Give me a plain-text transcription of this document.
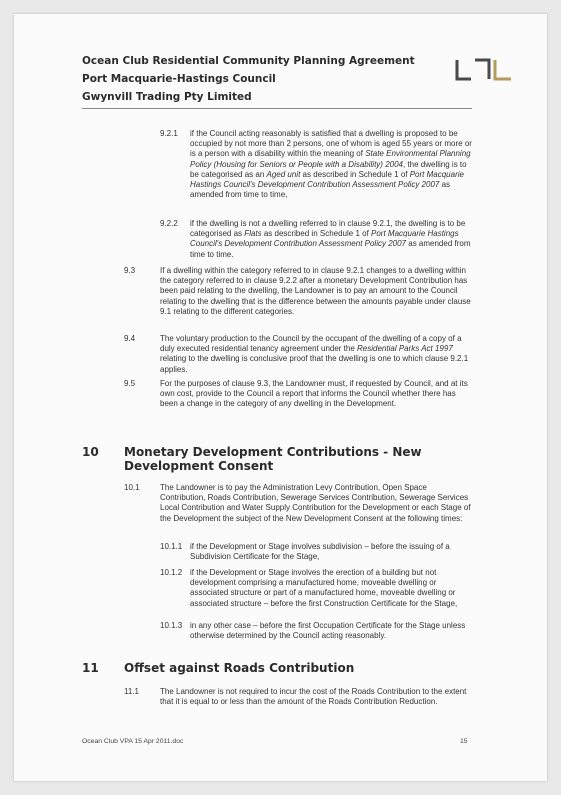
Ocean Club Residential Community Planning Agreement
Port Macquarie-Hastings Council
Gwynvill Trading Pty Limited
9.2.1 if the Council acting reasonably is satisfied that a dwelling is proposed to be occupied by not more than 2 persons, one of whom is aged 55 years or more or is a person with a disability within the meaning of State Environmental Planning Policy (Housing for Seniors or People with a Disability) 2004, the dwelling is to be categorised as an Aged unit as described in Schedule 1 of Port Macquarie Hastings Council's Development Contribution Assessment Policy 2007 as amended from time to time,
9.2.2 if the dwelling is not a dwelling referred to in clause 9.2.1, the dwelling is to be categorised as Flats as described in Schedule 1 of Port Macquarie Hastings Council's Development Contribution Assessment Policy 2007 as amended from time to time.
9.3	If a dwelling within the category referred to in clause 9.2.1 changes to a dwelling within the category referred to in clause 9.2.2 after a monetary Development Contribution has been paid relating to the dwelling, the Landowner is to pay an amount to the Council relating to the dwelling that is the difference between the amounts payable under clause 9.1 relating to the different categories.
9.4	The voluntary production to the Council by the occupant of the dwelling of a copy of a duly executed residential tenancy agreement under the Residential Parks Act 1997 relating to the dwelling is conclusive proof that the dwelling is one to which clause 9.2.1 applies.
9.5	For the purposes of clause 9.3, the Landowner must, if requested by Council, and at its own cost, provide to the Council a report that informs the Council whether there has been a change in the category of any dwelling in the Development.
10 Monetary Development Contributions - New Development Consent
10.1	The Landowner is to pay the Administration Levy Contribution, Open Space Contribution, Roads Contribution, Sewerage Services Contribution, Sewerage Services Local Contribution and Water Supply Contribution for the Development or each Stage of the Development the subject of the New Development Consent at the following times:
10.1.1 if the Development or Stage involves subdivision – before the issuing of a Subdivision Certificate for the Stage,
10.1.2 if the Development or Stage involves the erection of a building but not development comprising a manufactured home, moveable dwelling or associated structure or part of a manufactured home, moveable dwelling or associated structure – before the first Construction Certificate for the Stage,
10.1.3 in any other case – before the first Occupation Certificate for the Stage unless otherwise determined by the Council acting reasonably.
11 Offset against Roads Contribution
11.1	The Landowner is not required to incur the cost of the Roads Contribution to the extent that it is equal to or less than the amount of the Roads Contribution Reduction.
Ocean Club VPA 15 Apr 2011.doc	15
